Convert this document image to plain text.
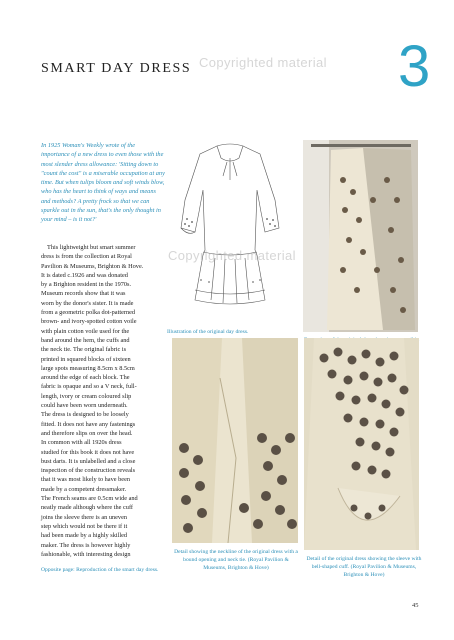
SMART DAY DRESS	3
In 1925 Woman's Weekly wrote of the importance of a new dress to even those with the most slender dress allowance: 'Sitting down to "count the cost" is a miserable occupation at any time. But when tulips bloom and soft winds blow, who has the heart to think of ways and means and methods? A pretty frock so that we can sparkle out in the sun, that's the only thought in your mind – is it not?'

This lightweight but smart summer

dress is from the collection at Royal

Pavilion & Museums, Brighton & Hove.

It is dated c.1926 and was donated

by a Brighton resident in the 1970s.

Museum records show that it was

worn by the donor's sister. It is made

from a geometric polka dot-patterned

brown- and ivory-spotted cotton voile

with plain cotton voile used for the

band around the hem, the cuffs and

the neck tie. The original fabric is

printed in squared blocks of sixteen

large spots measuring 8.5cm x 8.5cm

around the edge of each block. The

fabric is opaque and so a V neck, full-

length, ivory or cream coloured slip

could have been worn underneath.

The dress is designed to be loosely

fitted. It does not have any fastenings

and therefore slips on over the head.

In common with all 1920s dress

studied for this book it does not have

bust darts. It is unlabelled and a close

inspection of the construction reveals

that it was most likely to have been

made by a competent dressmaker.

The French seams are 0.5cm wide and

neatly made although where the cuff

joins the sleeve there is an uneven

step which would not be there if it

had been made by a highly skilled

maker. The dress is however highly

fashionable, with interesting design

Illustration of the original day dress.
Detail showing the neckline of the original dress with a bound opening and neck tie. (Royal Pavilion & Museums, Brighton & Hove)
Detail of the original dress showing the sleeve with bell-shaped cuff. (Royal Pavilion & Museums, Brighton & Hove)
Opposite page: Reproduction of the smart day dress.
Copyrighted material
Copyrighted material
45
